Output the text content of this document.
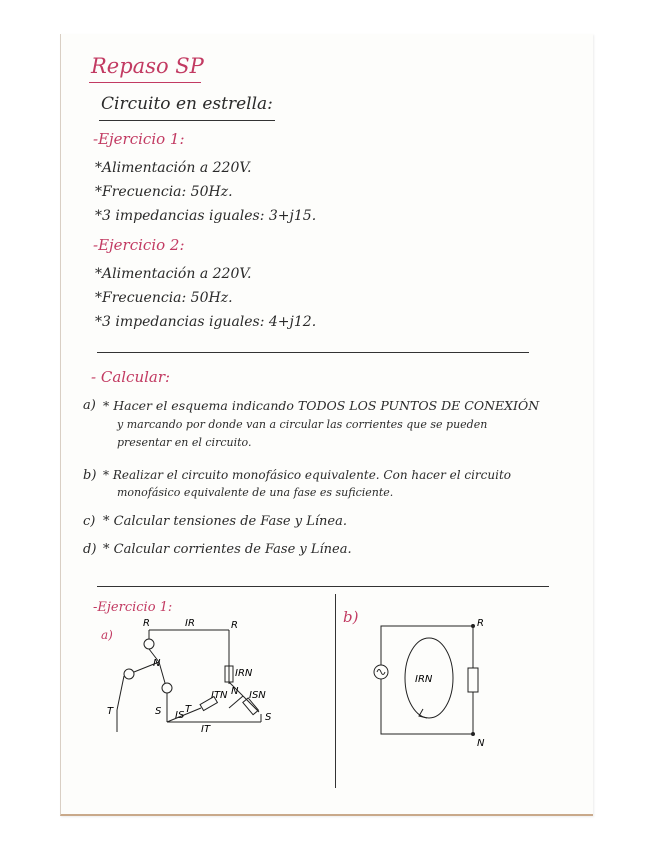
Repaso SP
Circuito en estrella:
-Ejercicio 1:
*Alimentación a 220V.
*Frecuencia: 50Hz.
*3 impedancias iguales: 3+j15.
-Ejercicio 2:
*Alimentación a 220V.
*Frecuencia: 50Hz.
*3 impedancias iguales: 4+j12.
- Calcular:
a) * Hacer el esquema indicando TODOS LOS PUNTOS DE CONEXIÓN
y marcando por donde van a circular las corrientes que se pueden
presentar en el circuito.
b) * Realizar el circuito monofásico equivalente. Con hacer el circuito
monofásico equivalente de una fase es suficiente.
c) * Calcular tensiones de Fase y Línea.
d) * Calcular corrientes de Fase y Línea.
-Ejercicio 1:
a)
b)
R	IR	R
IRN
N
T	T
IS
S
N ISN
ITN
S
IT
R
N
IRN
